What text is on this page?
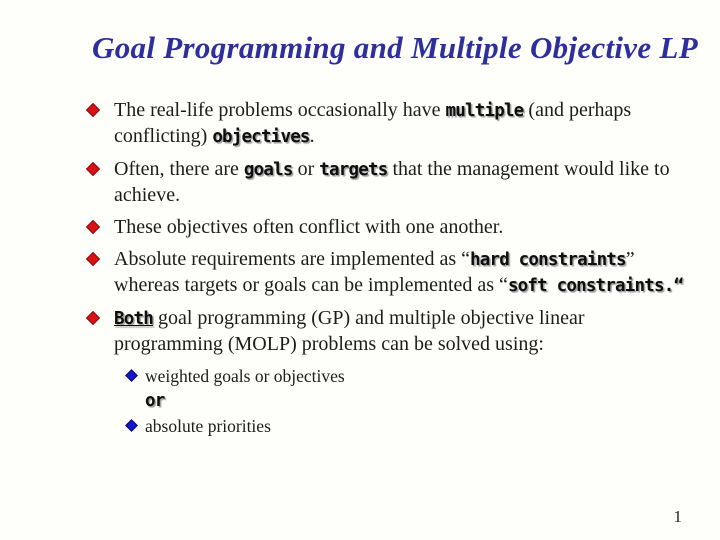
Goal Programming and Multiple Objective LP
The real-life problems occasionally have multiple (and perhaps conflicting) objectives.
Often, there are goals or targets that the management would like to achieve.
These objectives often conflict with one another.
Absolute requirements are implemented as “hard constraints” whereas targets or goals can be implemented as “soft constraints.“
Both goal programming (GP) and multiple objective linear programming (MOLP) problems can be solved using:
weighted goals or objectives
or
absolute priorities
1
